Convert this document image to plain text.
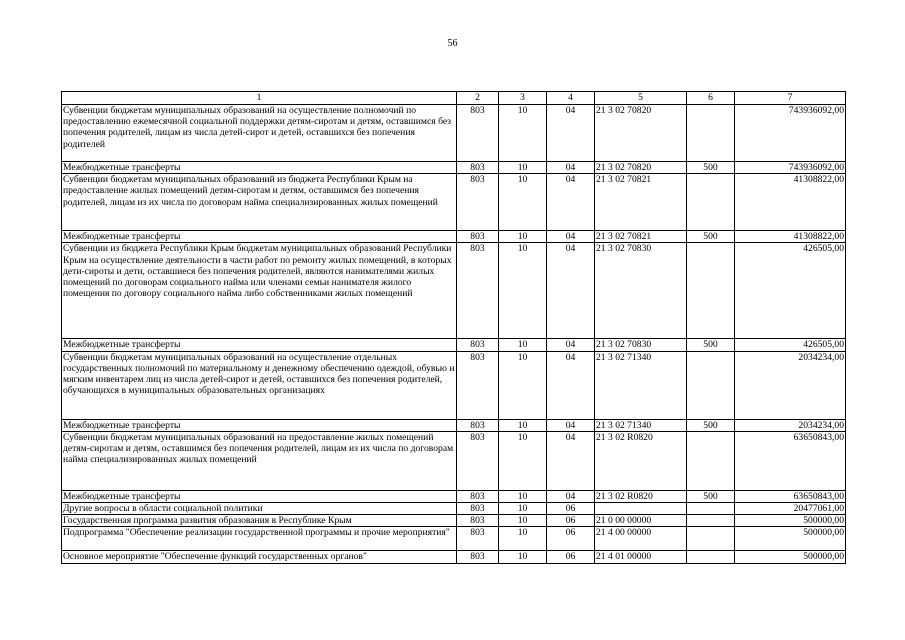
56
1	2	3	4	5	6	7
Субвенции бюджетам муниципальных образований на осуществление полномочий по предоставлению ежемесячной социальной поддержки детям-сиротам и детям, оставшимся без попечения родителей, лицам из числа детей-сирот и детей, оставшихся без попечения родителей	803	10	04	21 3 02 70820		743936092,00
Межбюджетные трансферты	803	10	04	21 3 02 70820	500	743936092,00
Субвенции бюджетам муниципальных образований из бюджета Республики Крым на предоставление жилых помещений детям-сиротам и детям, оставшимся без попечения родителей, лицам из их числа по договорам найма специализированных жилых помещений	803	10	04	21 3 02 70821		41308822,00
Межбюджетные трансферты	803	10	04	21 3 02 70821	500	41308822,00
Субвенции из бюджета Республики Крым бюджетам муниципальных образований Республики Крым на осуществление деятельности в части работ по ремонту жилых помещений, в которых дети-сироты и дети, оставшиеся без попечения родителей, являются нанимателями жилых помещений по договорам социального найма или членами семьи нанимателя жилого помещения по договору социального найма либо собственниками жилых помещений	803	10	04	21 3 02 70830		426505,00
Межбюджетные трансферты	803	10	04	21 3 02 70830	500	426505,00
Субвенции бюджетам муниципальных образований на осуществление отдельных государственных полномочий по материальному и денежному обеспечению одеждой, обувью и мягким инвентарем лиц из числа детей-сирот и детей, оставшихся без попечения родителей, обучающихся в муниципальных образовательных организациях	803	10	04	21 3 02 71340		2034234,00
Межбюджетные трансферты	803	10	04	21 3 02 71340	500	2034234,00
Субвенции бюджетам муниципальных образований на предоставление жилых помещений детям-сиротам и детям, оставшимся без попечения родителей, лицам из их числа по договорам найма специализированных жилых помещений	803	10	04	21 3 02 R0820		63650843,00
Межбюджетные трансферты	803	10	04	21 3 02 R0820	500	63650843,00
Другие вопросы в области социальной политики	803	10	06			20477061,00
Государственная программа развития образования в Республике Крым	803	10	06	21 0 00 00000		500000,00
Подпрограмма "Обеспечение реализации государственной программы и прочие мероприятия"	803	10	06	21 4 00 00000		500000,00
Основное мероприятие "Обеспечение функций государственных органов"	803	10	06	21 4 01 00000		500000,00
